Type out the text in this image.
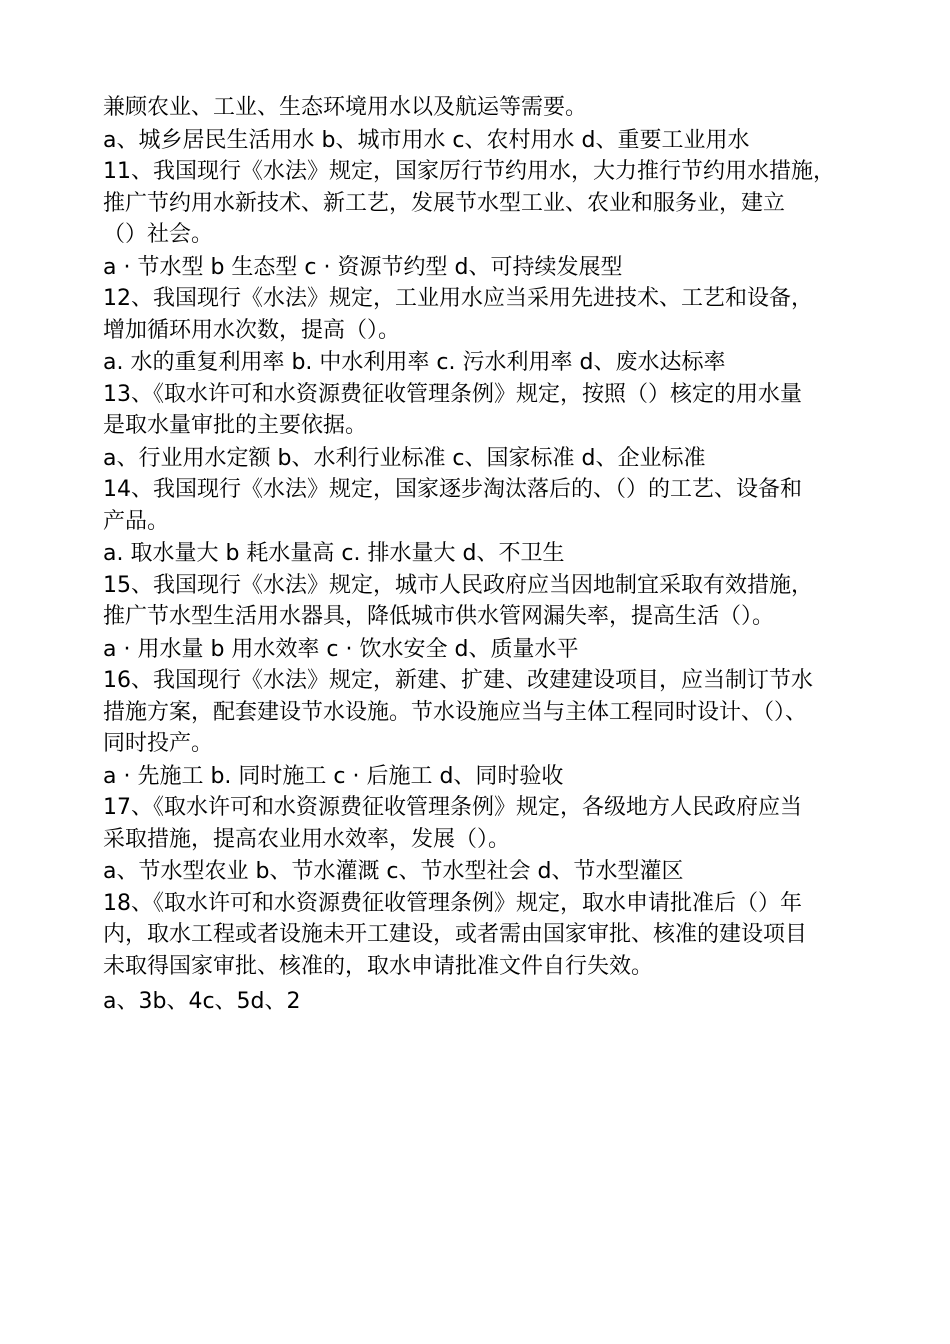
兼顾农业、工业、生态环境用水以及航运等需要。
a、城乡居民生活用水 b、城市用水 c、农村用水 d、重要工业用水
11、我国现行《水法》规定，国家厉行节约用水，大力推行节约用水措施，
推广节约用水新技术、新工艺，发展节水型工业、农业和服务业，建立
（）社会。
a · 节水型 b 生态型 c · 资源节约型 d、可持续发展型
12、我国现行《水法》规定，工业用水应当采用先进技术、工艺和设备，
增加循环用水次数，提高（）。
a. 水的重复利用率 b. 中水利用率 c. 污水利用率 d、废水达标率
13、《取水许可和水资源费征收管理条例》规定，按照（）核定的用水量
是取水量审批的主要依据。
a、行业用水定额 b、水利行业标准 c、国家标准 d、企业标准
14、我国现行《水法》规定，国家逐步淘汰落后的、（）的工艺、设备和
产品。
a. 取水量大 b 耗水量高 c. 排水量大 d、不卫生
15、我国现行《水法》规定，城市人民政府应当因地制宜采取有效措施，
推广节水型生活用水器具，降低城市供水管网漏失率，提高生活（）。
a · 用水量 b 用水效率 c · 饮水安全 d、质量水平
16、我国现行《水法》规定，新建、扩建、改建建设项目，应当制订节水
措施方案，配套建设节水设施。节水设施应当与主体工程同时设计、（）、
同时投产。
a · 先施工 b. 同时施工 c · 后施工 d、同时验收
17、《取水许可和水资源费征收管理条例》规定，各级地方人民政府应当
采取措施，提高农业用水效率，发展（）。
a、节水型农业 b、节水灌溉 c、节水型社会 d、节水型灌区
18、《取水许可和水资源费征收管理条例》规定，取水申请批准后（）年
内，取水工程或者设施未开工建设，或者需由国家审批、核准的建设项目
未取得国家审批、核准的，取水申请批准文件自行失效。
a、3b、4c、5d、2
